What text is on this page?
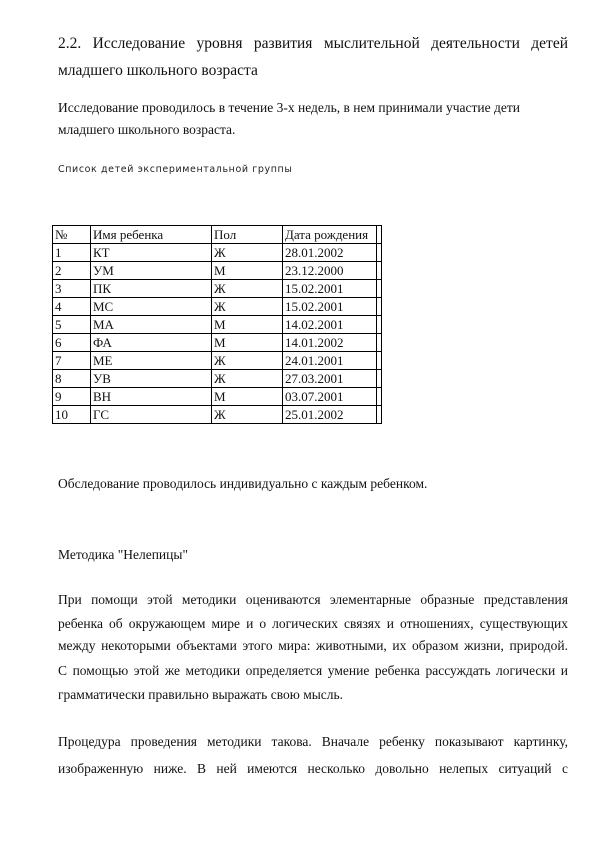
2.2. Исследование уровня развития мыслительной деятельности детей
младшего школьного возраста
Исследование проводилось в течение 3-х недель, в нем принимали участие дети
младшего школьного возраста.
Список детей экспериментальной группы
№	Имя ребенка	Пол	Дата рождения	
1	КТ	Ж	28.01.2002	
2	УМ	М	23.12.2000	
3	ПК	Ж	15.02.2001	
4	МС	Ж	15.02.2001	
5	МА	М	14.02.2001	
6	ФА	М	14.01.2002	
7	МЕ	Ж	24.01.2001	
8	УВ	Ж	27.03.2001	
9	ВН	М	03.07.2001	
10	ГС	Ж	25.01.2002	
Обследование проводилось индивидуально с каждым ребенком.
Методика "Нелепицы"
При помощи этой методики оцениваются элементарные образные представления
ребенка об окружающем мире и о логических связях и отношениях, существующих
между некоторыми объектами этого мира: животными, их образом жизни, природой.
С помощью этой же методики определяется умение ребенка рассуждать логически и
грамматически правильно выражать свою мысль.
Процедура проведения методики такова. Вначале ребенку показывают картинку,
изображенную ниже. В ней имеются несколько довольно нелепых ситуаций с
